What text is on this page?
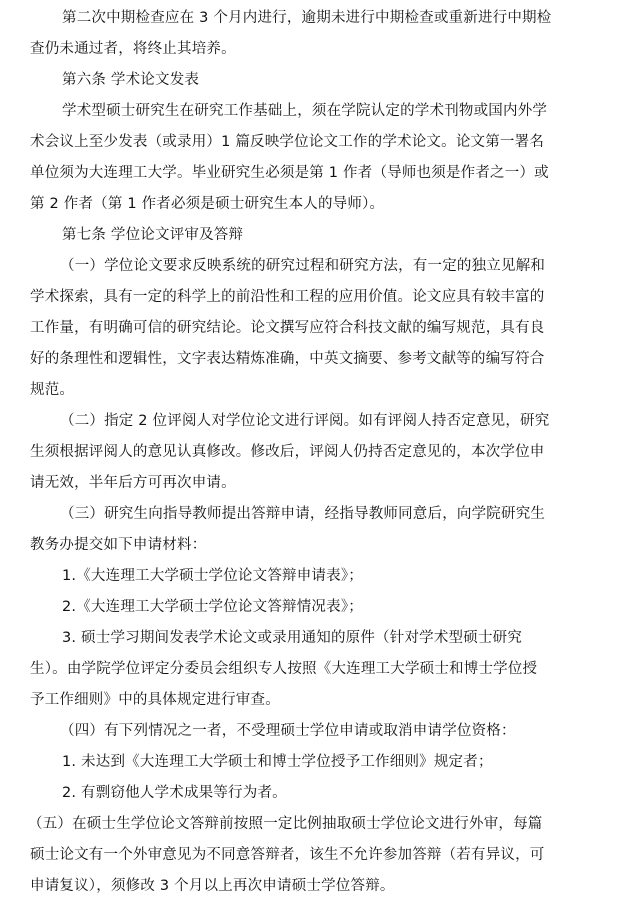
第二次中期检查应在 3 个月内进行，逾期未进行中期检查或重新进行中期检
查仍未通过者，将终止其培养。
第六条 学术论文发表
学术型硕士研究生在研究工作基础上，须在学院认定的学术刊物或国内外学
术会议上至少发表（或录用）1 篇反映学位论文工作的学术论文。论文第一署名
单位须为大连理工大学。毕业研究生必须是第 1 作者（导师也须是作者之一）或
第 2 作者（第 1 作者必须是硕士研究生本人的导师）。
第七条 学位论文评审及答辩
（一）学位论文要求反映系统的研究过程和研究方法，有一定的独立见解和
学术探索，具有一定的科学上的前沿性和工程的应用价值。论文应具有较丰富的
工作量，有明确可信的研究结论。论文撰写应符合科技文献的编写规范，具有良
好的条理性和逻辑性，文字表达精炼准确，中英文摘要、参考文献等的编写符合
规范。
（二）指定 2 位评阅人对学位论文进行评阅。如有评阅人持否定意见，研究
生须根据评阅人的意见认真修改。修改后，评阅人仍持否定意见的，本次学位申
请无效，半年后方可再次申请。
（三）研究生向指导教师提出答辩申请，经指导教师同意后，向学院研究生
教务办提交如下申请材料：
1.《大连理工大学硕士学位论文答辩申请表》；
2.《大连理工大学硕士学位论文答辩情况表》；
3. 硕士学习期间发表学术论文或录用通知的原件（针对学术型硕士研究
生）。由学院学位评定分委员会组织专人按照《大连理工大学硕士和博士学位授
予工作细则》中的具体规定进行审查。
（四）有下列情况之一者，不受理硕士学位申请或取消申请学位资格：
1. 未达到《大连理工大学硕士和博士学位授予工作细则》规定者；
2. 有剽窃他人学术成果等行为者。
（五）在硕士生学位论文答辩前按照一定比例抽取硕士学位论文进行外审，每篇
硕士论文有一个外审意见为不同意答辩者，该生不允许参加答辩（若有异议，可
申请复议），须修改 3 个月以上再次申请硕士学位答辩。
